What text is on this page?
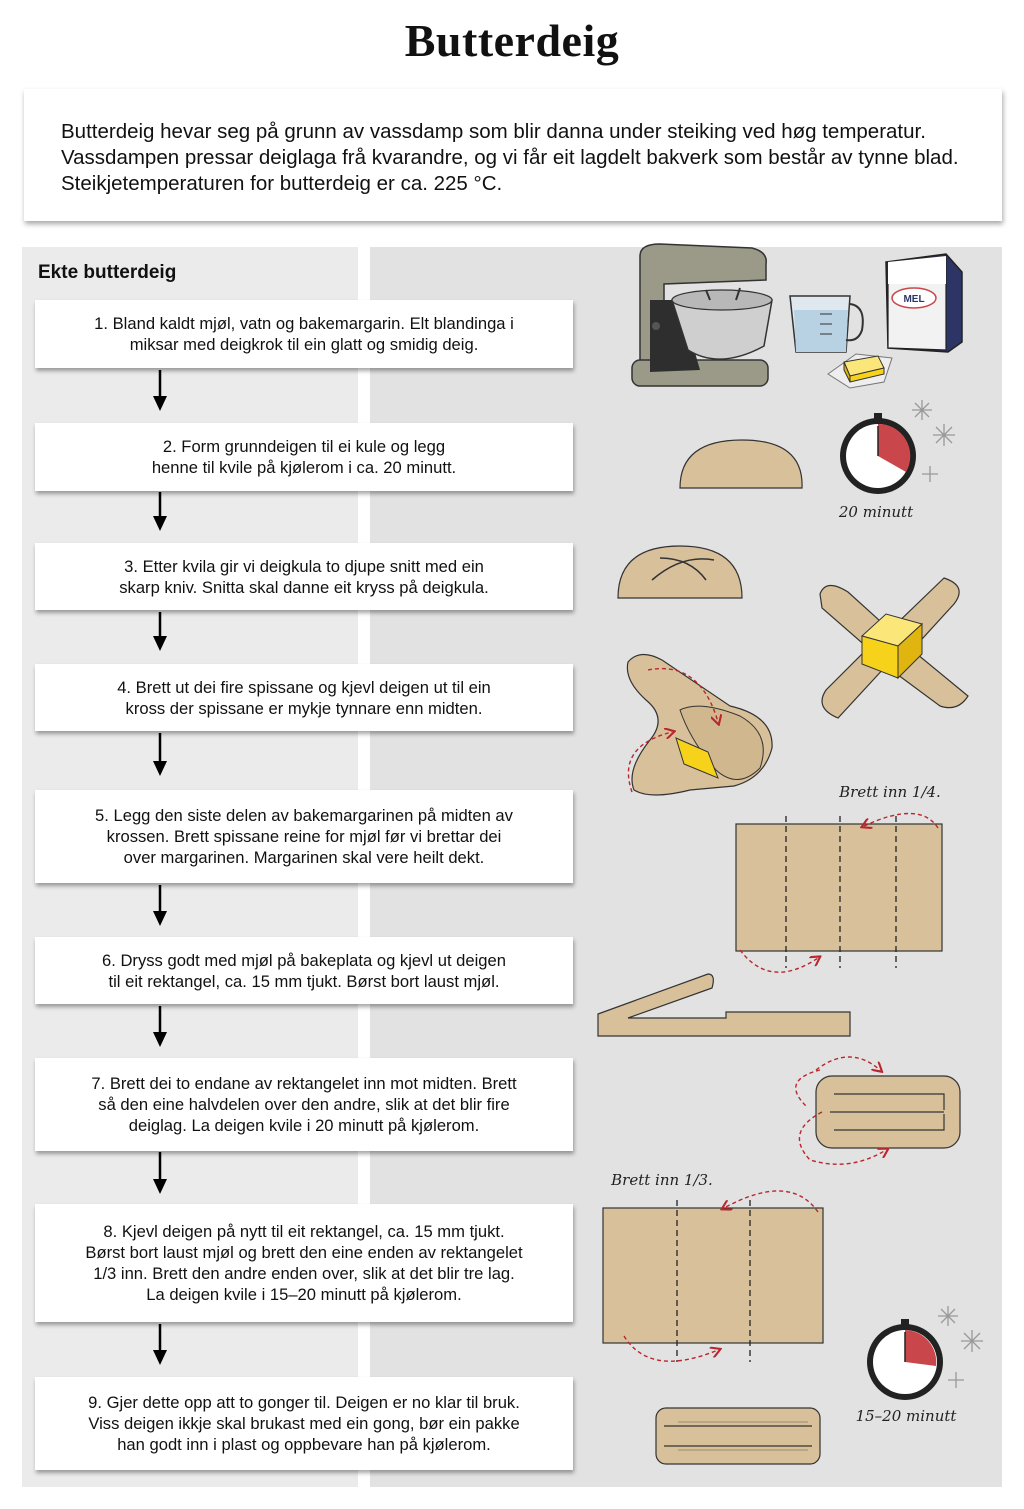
Butterdeig
Butterdeig hevar seg på grunn av vassdamp som blir danna under steiking ved høg temperatur. Vassdampen pressar deiglaga frå kvarandre, og vi får eit lagdelt bakverk som består av tynne blad. Steikjetemperaturen for butterdeig er ca. 225 °C.
Ekte butterdeig
1. Bland kaldt mjøl, vatn og bakemargarin. Elt blandinga i
miksar med deigkrok til ein glatt og smidig deig.
2. Form grunndeigen til ei kule og legg
henne til kvile på kjølerom i ca. 20 minutt.
3. Etter kvila gir vi deigkula to djupe snitt med ein
skarp kniv. Snitta skal danne eit kryss på deigkula.
4. Brett ut dei fire spissane og kjevl deigen ut til ein
kross der spissane er mykje tynnare enn midten.
5. Legg den siste delen av bakemargarinen på midten av
krossen. Brett spissane reine for mjøl før vi brettar dei
over margarinen. Margarinen skal vere heilt dekt.
6. Dryss godt med mjøl på bakeplata og kjevl ut deigen
til eit rektangel, ca. 15 mm tjukt. Børst bort laust mjøl.
7. Brett dei to endane av rektangelet inn mot midten. Brett
så den eine halvdelen over den andre, slik at det blir fire
deiglag. La deigen kvile i 20 minutt på kjølerom.
8. Kjevl deigen på nytt til eit rektangel, ca. 15 mm tjukt.
Børst bort laust mjøl og brett den eine enden av rektangelet
1/3 inn. Brett den andre enden over, slik at det blir tre lag.
La deigen kvile i 15–20 minutt på kjølerom.
9. Gjer dette opp att to gonger til. Deigen er no klar til bruk.
Viss deigen ikkje skal brukast med ein gong, bør ein pakke
han godt inn i plast og oppbevare han på kjølerom.
MEL
20 minutt
Brett inn 1/4.
Brett inn 1/3.
15–20 minutt
